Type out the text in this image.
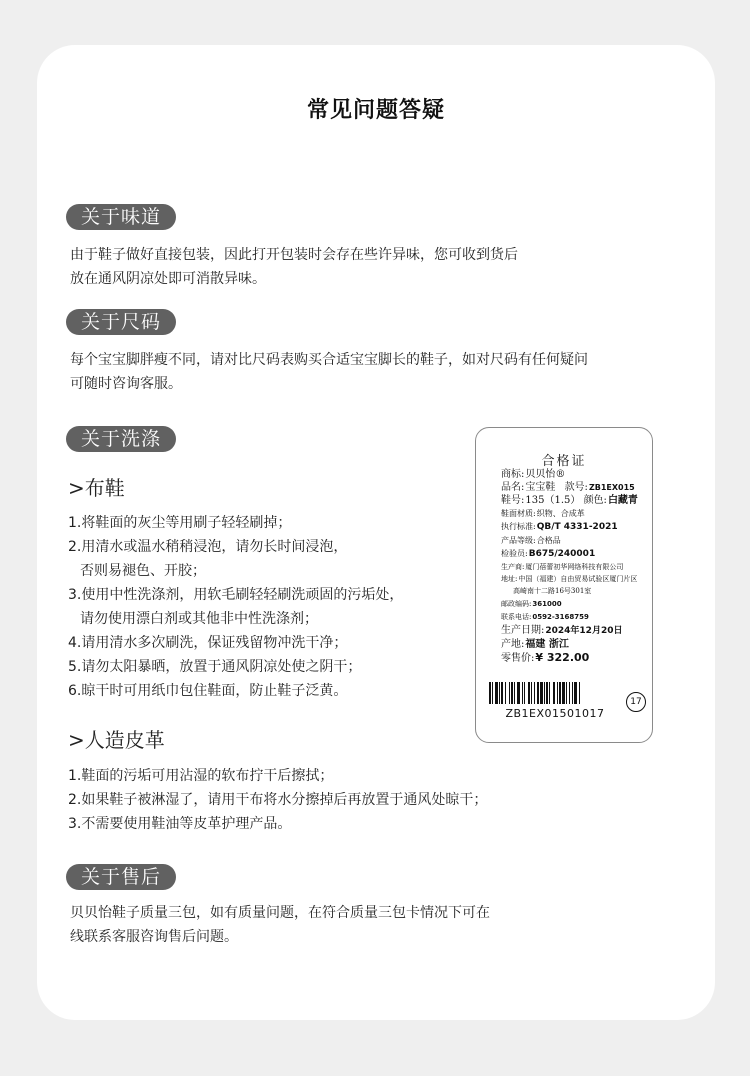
常见问题答疑
关于味道

由于鞋子做好直接包装，因此打开包装时会存在些许异味，您可收到货后
放在通风阴凉处即可消散异味。

关于尺码

每个宝宝脚胖瘦不同，请对比尺码表购买合适宝宝脚长的鞋子，如对尺码有任何疑问
可随时咨询客服。

关于洗涤
>布鞋
1.将鞋面的灰尘等用刷子轻轻刷掉；
2.用清水或温水稍稍浸泡，请勿长时间浸泡，
否则易褪色、开胶；
3.使用中性洗涤剂，用软毛刷轻轻刷洗顽固的污垢处，
请勿使用漂白剂或其他非中性洗涤剂；
4.请用清水多次刷洗，保证残留物冲洗干净；
5.请勿太阳暴晒，放置于通风阴凉处使之阴干；
6.晾干时可用纸巾包住鞋面，防止鞋子泛黄。
>人造皮革
1.鞋面的污垢可用沾湿的软布拧干后擦拭；
2.如果鞋子被淋湿了，请用干布将水分擦掉后再放置于通风处晾干；
3.不需要使用鞋油等皮革护理产品。
关于售后

贝贝怡鞋子质量三包，如有质量问题，在符合质量三包卡情况下可在
线联系客服咨询售后问题。

合格证
商标:贝贝怡®
品名:宝宝鞋 款号:ZB1EX015
鞋号:135（1.5） 颜色:白藏青
鞋面材质:织物、合成革
执行标准:QB/T 4331-2021
产品等级:合格品
检验员:B675/240001
生产商:厦门蓓蕾初华网络科技有限公司
地址:中国（福建）自由贸易试验区厦门片区
高崎南十二路16号301室
邮政编码:361000
联系电话:0592-3168759
生产日期:2024年12月20日
产地:福建 浙江
零售价:¥ 322.00
ZB1EX01501017
17
